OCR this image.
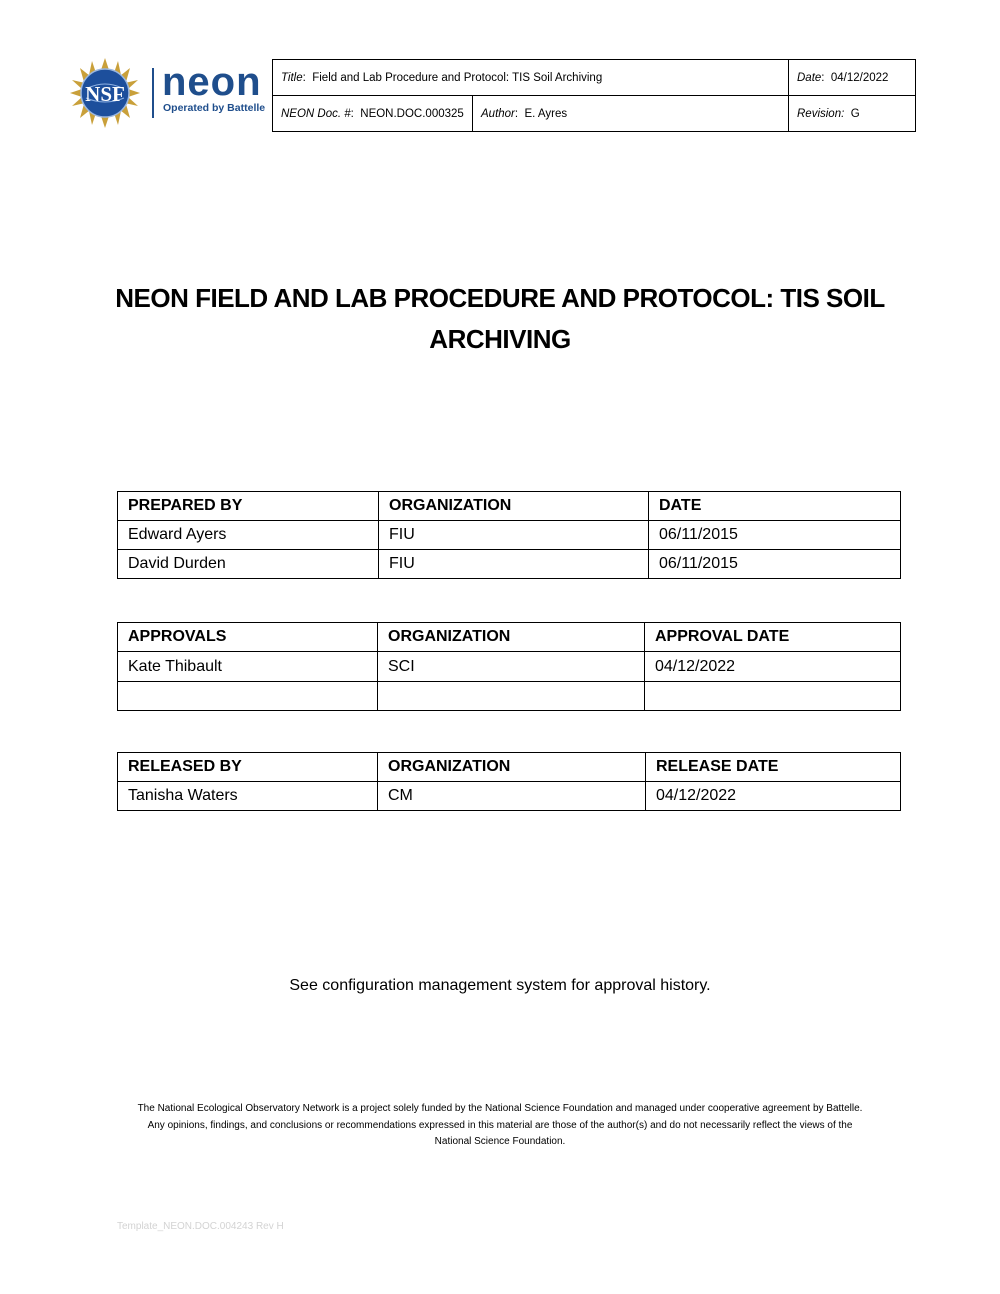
NSF neon
Operated by Battelle
Title:  Field and Lab Procedure and Protocol: TIS Soil Archiving		Date:  04/12/2022
NEON Doc. #:  NEON.DOC.000325	Author:  E. Ayres	Revision: G
NEON FIELD AND LAB PROCEDURE AND PROTOCOL: TIS SOIL
ARCHIVING
PREPARED BY	ORGANIZATION	DATE
Edward Ayers	FIU	06/11/2015
David Durden	FIU	06/11/2015
APPROVALS	ORGANIZATION	APPROVAL DATE
Kate Thibault	SCI	04/12/2022

RELEASED BY	ORGANIZATION	RELEASE DATE
Tanisha Waters	CM	04/12/2022
See configuration management system for approval history.
The National Ecological Observatory Network is a project solely funded by the National Science Foundation and managed under cooperative agreement by Battelle.
Any opinions, findings, and conclusions or recommendations expressed in this material are those of the author(s) and do not necessarily reflect the views of the
National Science Foundation.
Template_NEON.DOC.004243 Rev H
